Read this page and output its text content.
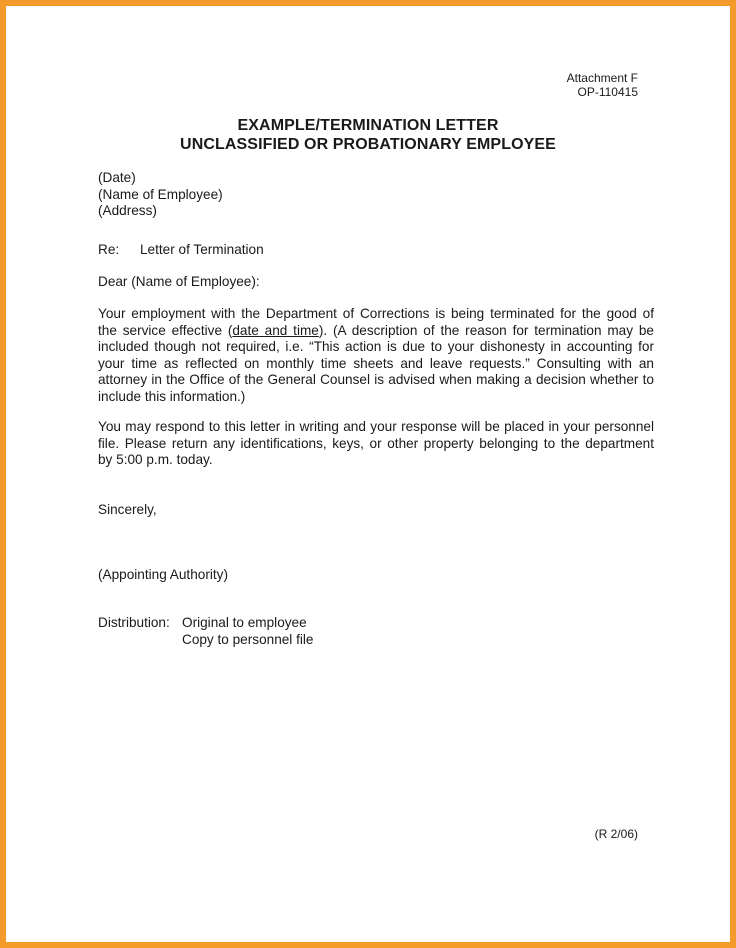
Attachment F
OP-110415
EXAMPLE/TERMINATION LETTER
UNCLASSIFIED OR PROBATIONARY EMPLOYEE
(Date)
(Name of Employee)
(Address)
Re: Letter of Termination
Dear (Name of Employee):
Your employment with the Department of Corrections is being terminated for the good of
the service effective (date and time). (A description of the reason for termination may be
included though not required, i.e. “This action is due to your dishonesty in accounting for
your time as reflected on monthly time sheets and leave requests.” Consulting with an
attorney in the Office of the General Counsel is advised when making a decision whether to
include this information.)
You may respond to this letter in writing and your response will be placed in your personnel
file. Please return any identifications, keys, or other property belonging to the department
by 5:00 p.m. today.
Sincerely,
(Appointing Authority)
Distribution: Original to employee
Copy to personnel file
(R 2/06)
